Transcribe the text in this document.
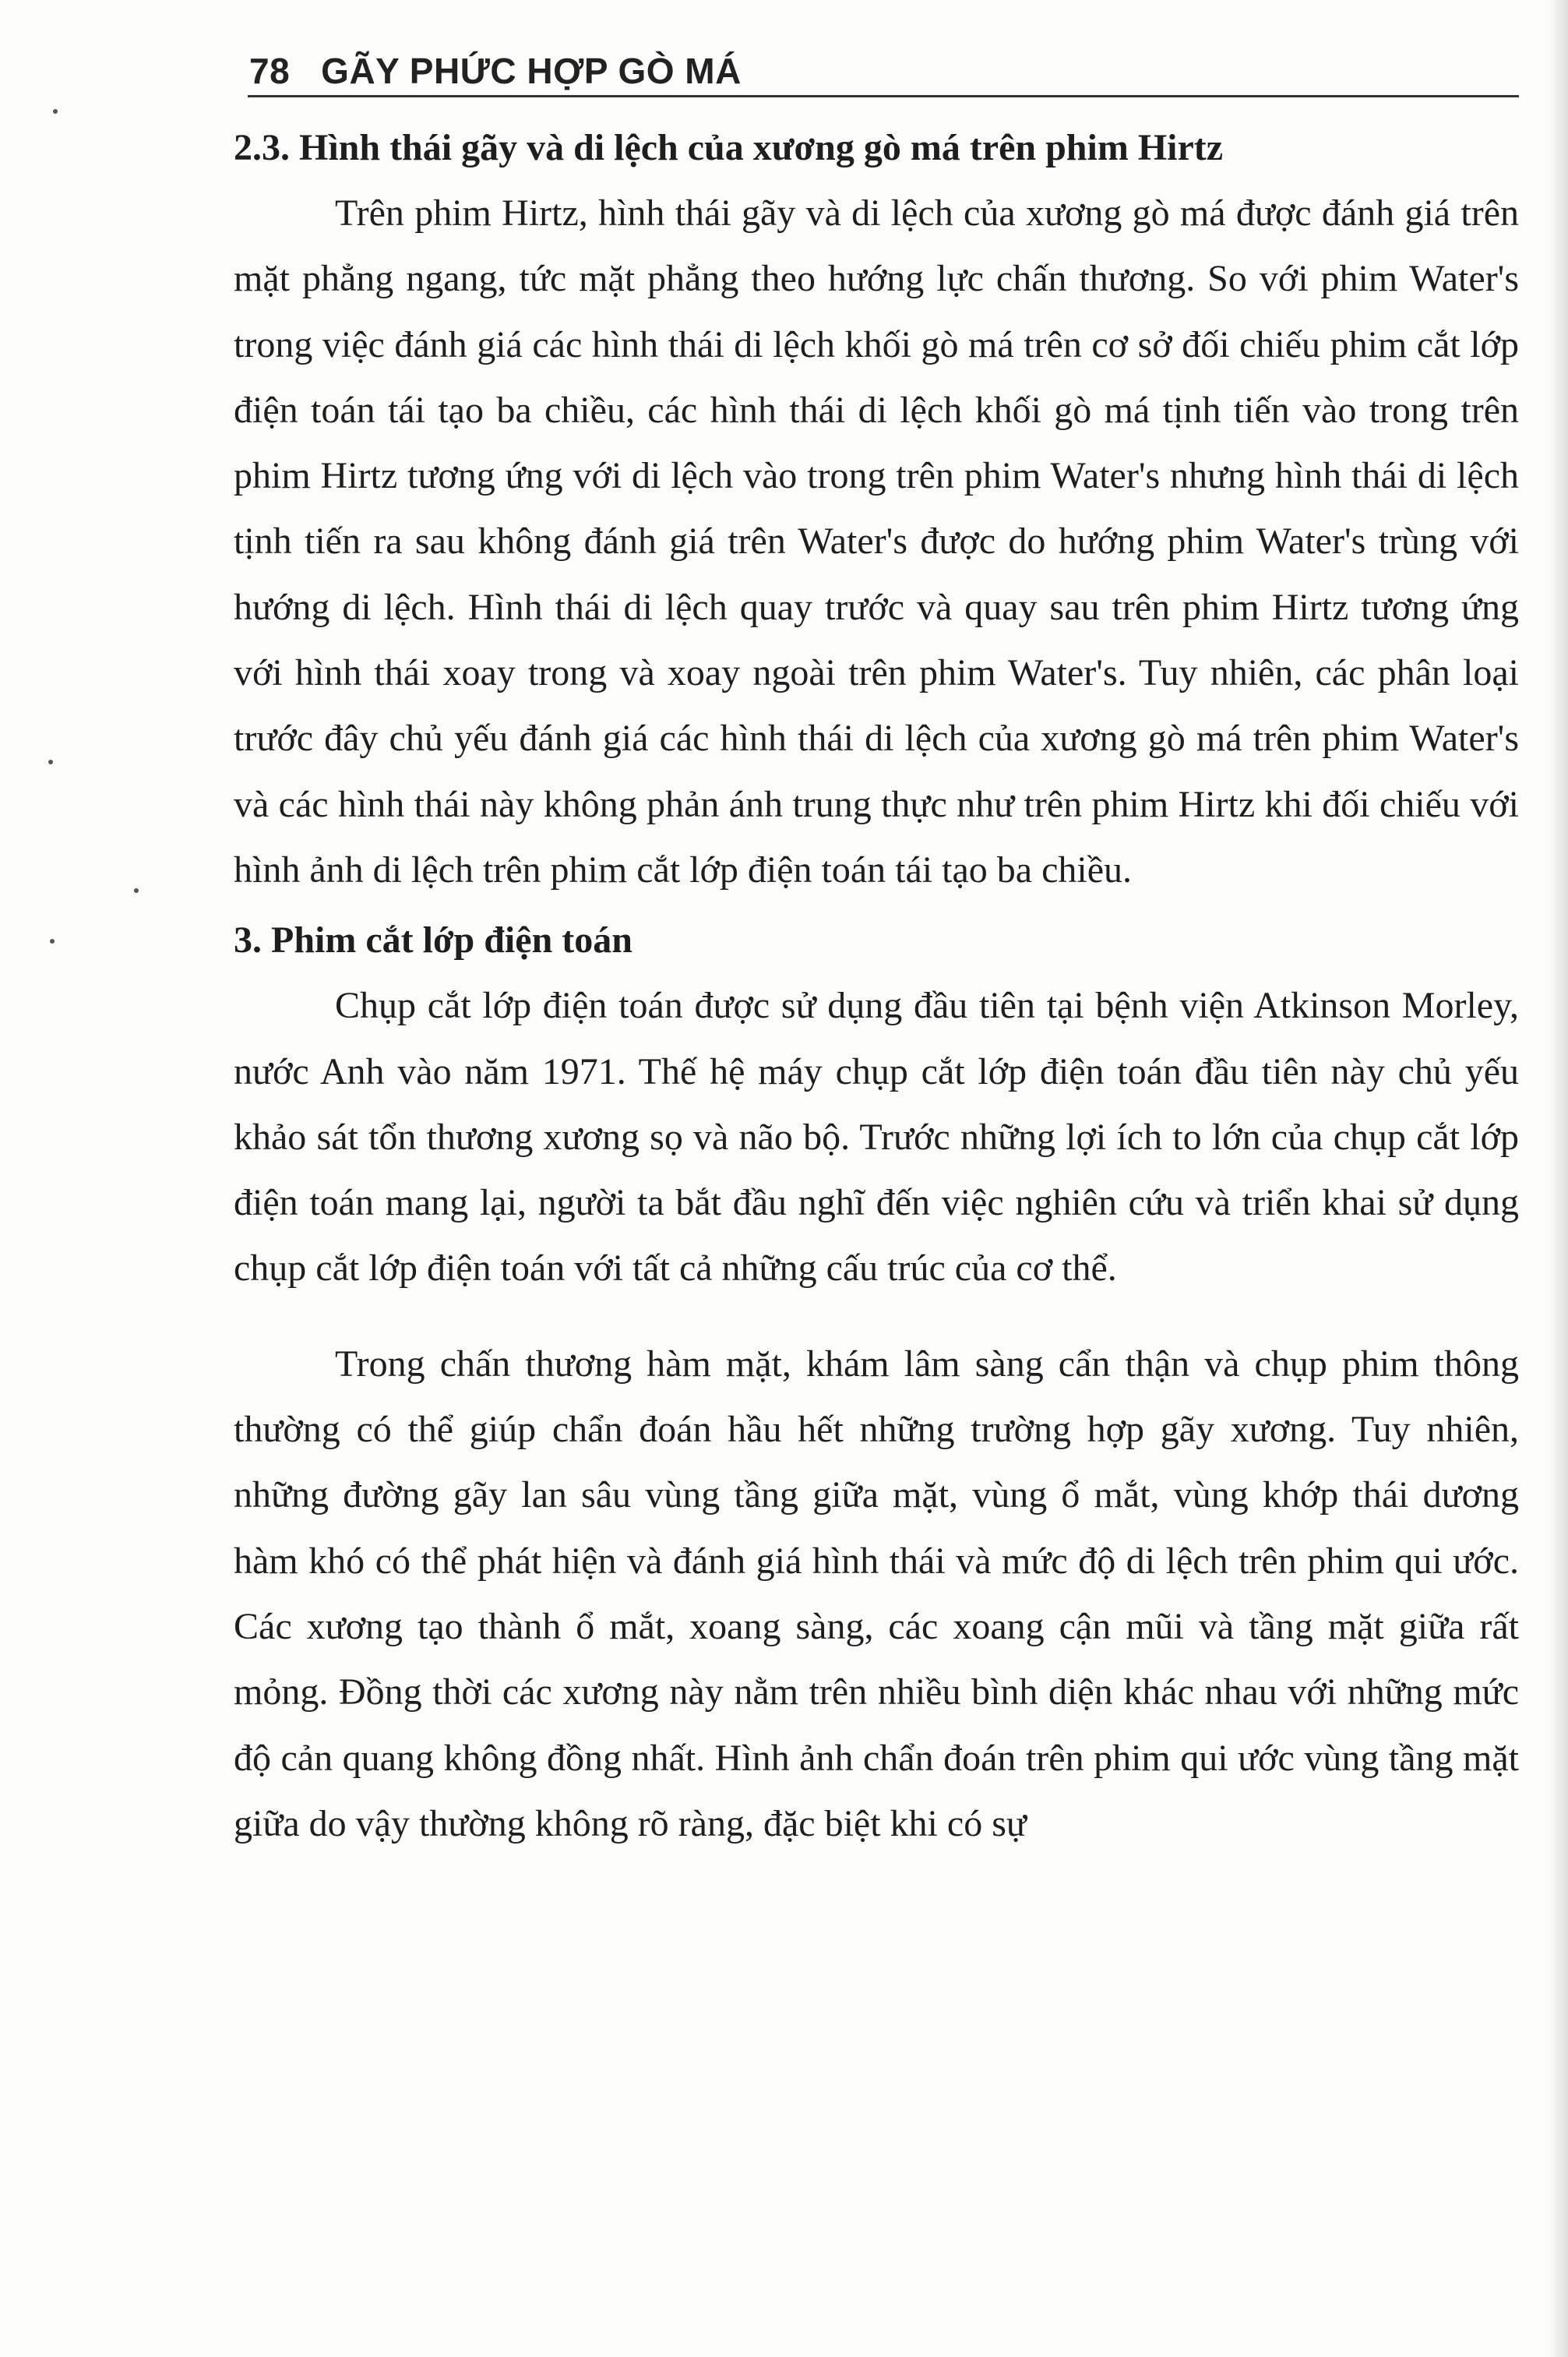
78 GÃY PHỨC HỢP GÒ MÁ

2.3. Hình thái gãy và di lệch của xương gò má trên phim Hirtz

Trên phim Hirtz, hình thái gãy và di lệch của xương gò má được đánh giá trên mặt phẳng ngang, tức mặt phẳng theo hướng lực chấn thương. So với phim Water's trong việc đánh giá các hình thái di lệch khối gò má trên cơ sở đối chiếu phim cắt lớp điện toán tái tạo ba chiều, các hình thái di lệch khối gò má tịnh tiến vào trong trên phim Hirtz tương ứng với di lệch vào trong trên phim Water's nhưng hình thái di lệch tịnh tiến ra sau không đánh giá trên Water's được do hướng phim Water's trùng với hướng di lệch. Hình thái di lệch quay trước và quay sau trên phim Hirtz tương ứng với hình thái xoay trong và xoay ngoài trên phim Water's. Tuy nhiên, các phân loại trước đây chủ yếu đánh giá các hình thái di lệch của xương gò má trên phim Water's và các hình thái này không phản ánh trung thực như trên phim Hirtz khi đối chiếu với hình ảnh di lệch trên phim cắt lớp điện toán tái tạo ba chiều.

3. Phim cắt lớp điện toán

Chụp cắt lớp điện toán được sử dụng đầu tiên tại bệnh viện Atkinson Morley, nước Anh vào năm 1971. Thế hệ máy chụp cắt lớp điện toán đầu tiên này chủ yếu khảo sát tổn thương xương sọ và não bộ. Trước những lợi ích to lớn của chụp cắt lớp điện toán mang lại, người ta bắt đầu nghĩ đến việc nghiên cứu và triển khai sử dụng chụp cắt lớp điện toán với tất cả những cấu trúc của cơ thể.

Trong chấn thương hàm mặt, khám lâm sàng cẩn thận và chụp phim thông thường có thể giúp chẩn đoán hầu hết những trường hợp gãy xương. Tuy nhiên, những đường gãy lan sâu vùng tầng giữa mặt, vùng ổ mắt, vùng khớp thái dương hàm khó có thể phát hiện và đánh giá hình thái và mức độ di lệch trên phim qui ước. Các xương tạo thành ổ mắt, xoang sàng, các xoang cận mũi và tầng mặt giữa rất mỏng. Đồng thời các xương này nằm trên nhiều bình diện khác nhau với những mức độ cản quang không đồng nhất. Hình ảnh chẩn đoán trên phim qui ước vùng tầng mặt giữa do vậy thường không rõ ràng, đặc biệt khi có sự
